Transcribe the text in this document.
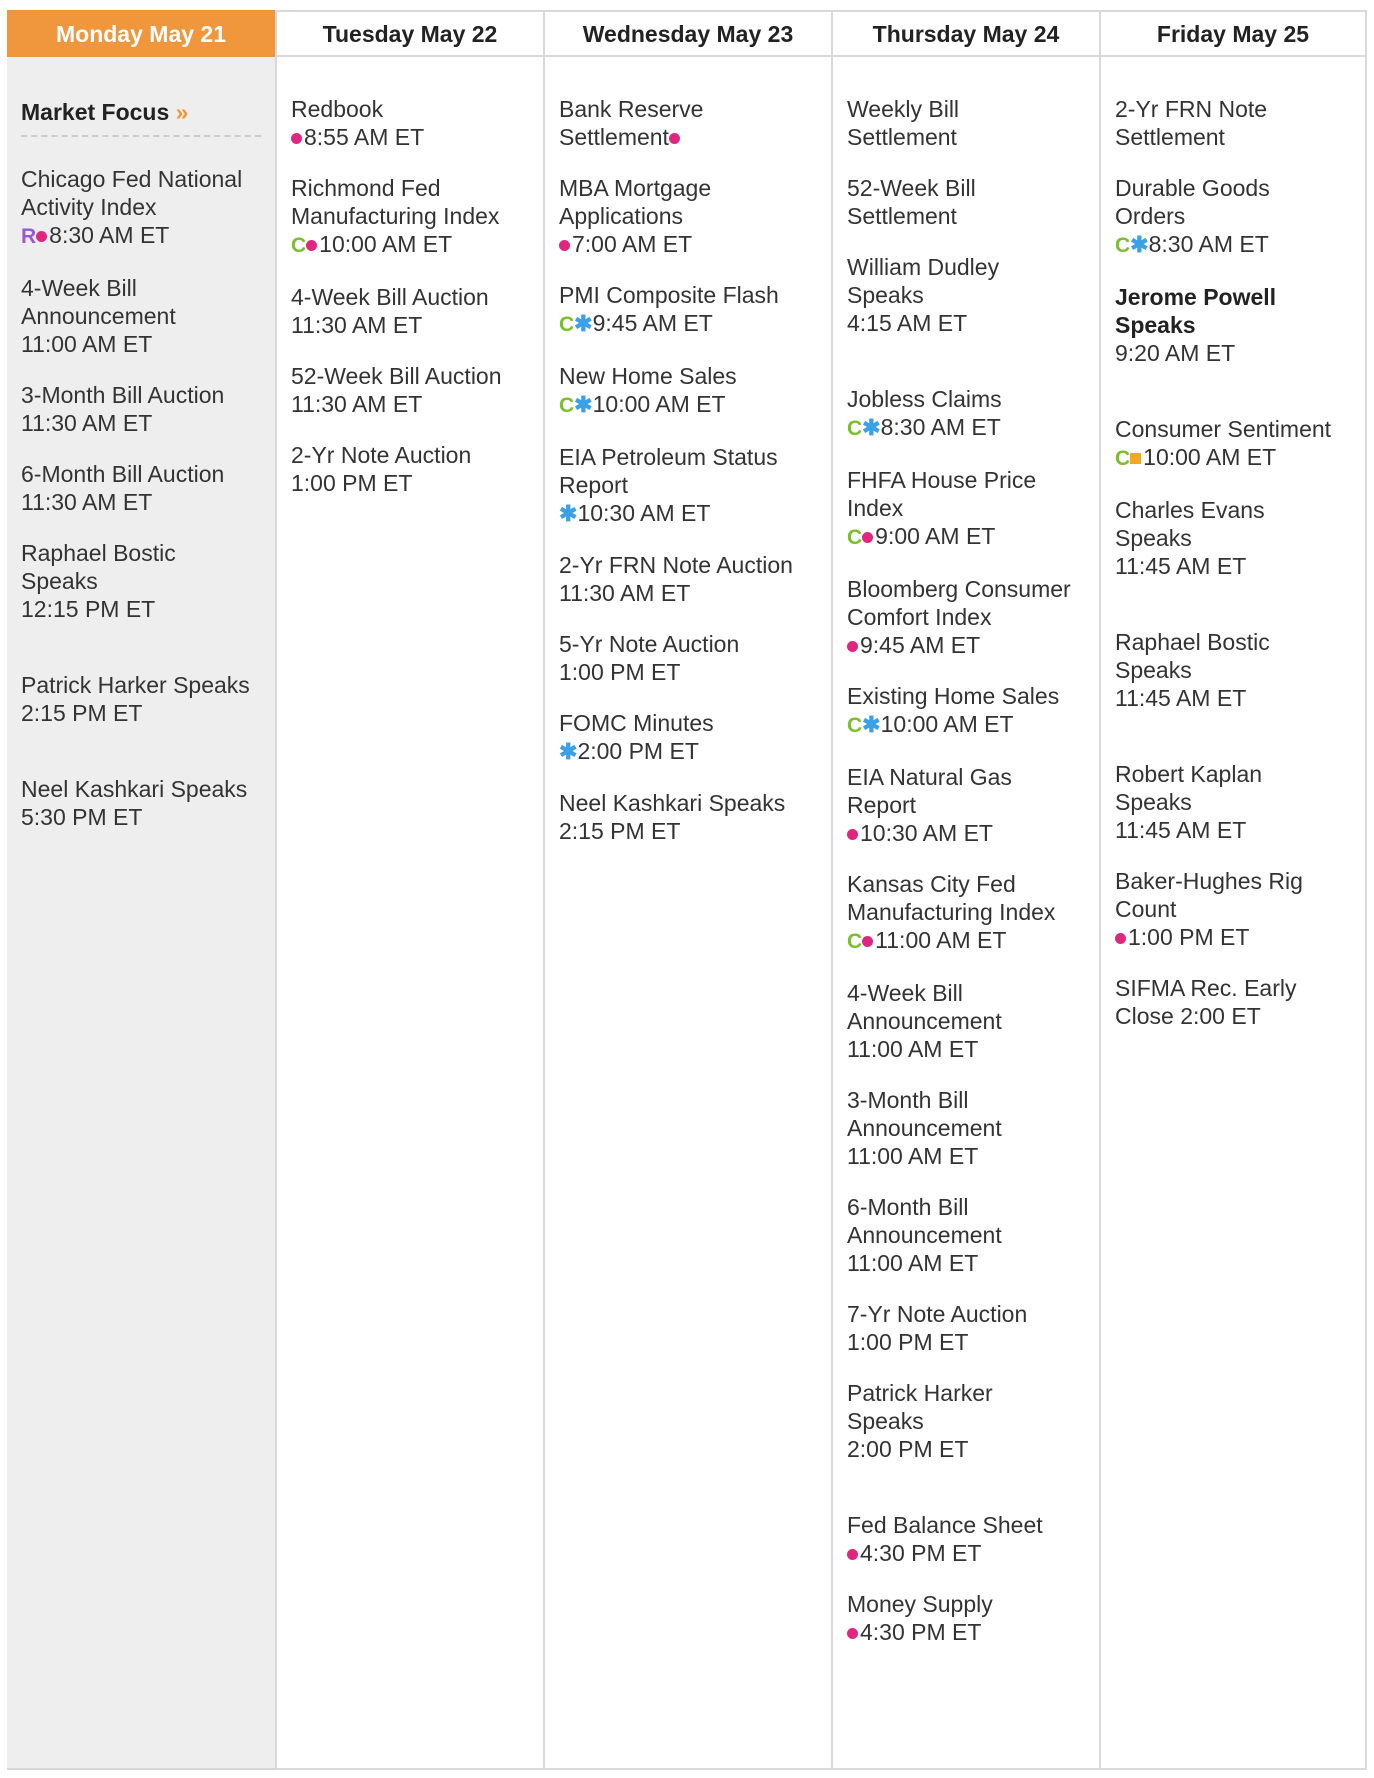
Monday May 21
Market Focus »
Chicago Fed National
Activity Index
R 8:30 AM ET
4-Week Bill
Announcement
11:00 AM ET
3-Month Bill Auction
11:30 AM ET
6-Month Bill Auction
11:30 AM ET
Raphael Bostic
Speaks
12:15 PM ET
Patrick Harker Speaks
2:15 PM ET
Neel Kashkari Speaks
5:30 PM ET
Tuesday May 22
Redbook
8:55 AM ET
Richmond Fed
Manufacturing Index
C 10:00 AM ET
4-Week Bill Auction
11:30 AM ET
52-Week Bill Auction
11:30 AM ET
2-Yr Note Auction
1:00 PM ET
Wednesday May 23
Bank Reserve
Settlement
MBA Mortgage
Applications
7:00 AM ET
PMI Composite Flash
C✱9:45 AM ET
New Home Sales
C✱10:00 AM ET
EIA Petroleum Status
Report
✱10:30 AM ET
2-Yr FRN Note Auction
11:30 AM ET
5-Yr Note Auction
1:00 PM ET
FOMC Minutes
✱2:00 PM ET
Neel Kashkari Speaks
2:15 PM ET
Thursday May 24
Weekly Bill
Settlement
52-Week Bill
Settlement
William Dudley
Speaks
4:15 AM ET
Jobless Claims
C✱8:30 AM ET
FHFA House Price
Index
C 9:00 AM ET
Bloomberg Consumer
Comfort Index
9:45 AM ET
Existing Home Sales
C✱10:00 AM ET
EIA Natural Gas
Report
10:30 AM ET
Kansas City Fed
Manufacturing Index
C 11:00 AM ET
4-Week Bill
Announcement
11:00 AM ET
3-Month Bill
Announcement
11:00 AM ET
6-Month Bill
Announcement
11:00 AM ET
7-Yr Note Auction
1:00 PM ET
Patrick Harker
Speaks
2:00 PM ET
Fed Balance Sheet
4:30 PM ET
Money Supply
4:30 PM ET
Friday May 25
2-Yr FRN Note
Settlement
Durable Goods
Orders
C✱8:30 AM ET
Jerome Powell
Speaks
9:20 AM ET
Consumer Sentiment
C 10:00 AM ET
Charles Evans
Speaks
11:45 AM ET
Raphael Bostic
Speaks
11:45 AM ET
Robert Kaplan
Speaks
11:45 AM ET
Baker-Hughes Rig
Count
1:00 PM ET
SIFMA Rec. Early
Close 2:00 ET
